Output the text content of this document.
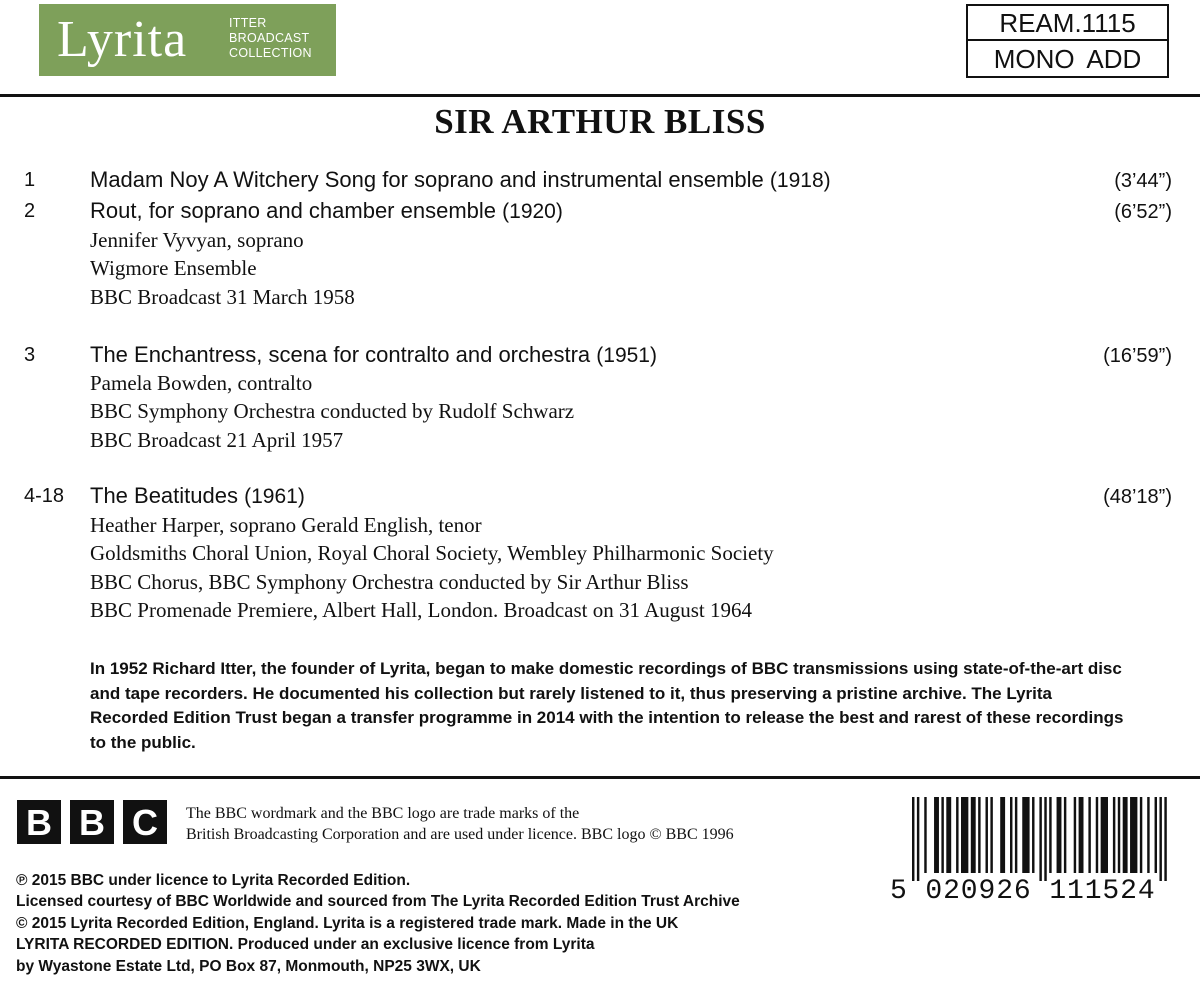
Lyrita	ITTER
BROADCAST
COLLECTION
REAM.1115
MONO ADD
SIR ARTHUR BLISS
1 Madam Noy A Witchery Song for soprano and instrumental ensemble (1918)	(3’44”)
2 Rout, for soprano and chamber ensemble (1920)	(6’52”)
Jennifer Vyvyan, soprano
Wigmore Ensemble
BBC Broadcast 31 March 1958
3 The Enchantress, scena for contralto and orchestra (1951)	(16’59”)
Pamela Bowden, contralto
BBC Symphony Orchestra conducted by Rudolf Schwarz
BBC Broadcast 21 April 1957
4-18 The Beatitudes (1961)	(48’18”)
Heather Harper, soprano Gerald English, tenor
Goldsmiths Choral Union, Royal Choral Society, Wembley Philharmonic Society
BBC Chorus, BBC Symphony Orchestra conducted by Sir Arthur Bliss
BBC Promenade Premiere, Albert Hall, London. Broadcast on 31 August 1964

In 1952 Richard Itter, the founder of Lyrita, began to make domestic recordings of BBC transmissions using state-of-the-art disc and tape recorders. He documented his collection but rarely listened to it, thus preserving a pristine archive. The Lyrita Recorded Edition Trust began a transfer programme in 2014 with the intention to release the best and rarest of these recordings to the public.

B B C	The BBC wordmark and the BBC logo are trade marks of the
British Broadcasting Corporation and are used under licence. BBC logo © BBC 1996
℗ 2015 BBC under licence to Lyrita Recorded Edition.
Licensed courtesy of BBC Worldwide and sourced from The Lyrita Recorded Edition Trust Archive
© 2015 Lyrita Recorded Edition, England. Lyrita is a registered trade mark. Made in the UK
LYRITA RECORDED EDITION. Produced under an exclusive licence from Lyrita
by Wyastone Estate Ltd, PO Box 87, Monmouth, NP25 3WX, UK
5 020926 111524
